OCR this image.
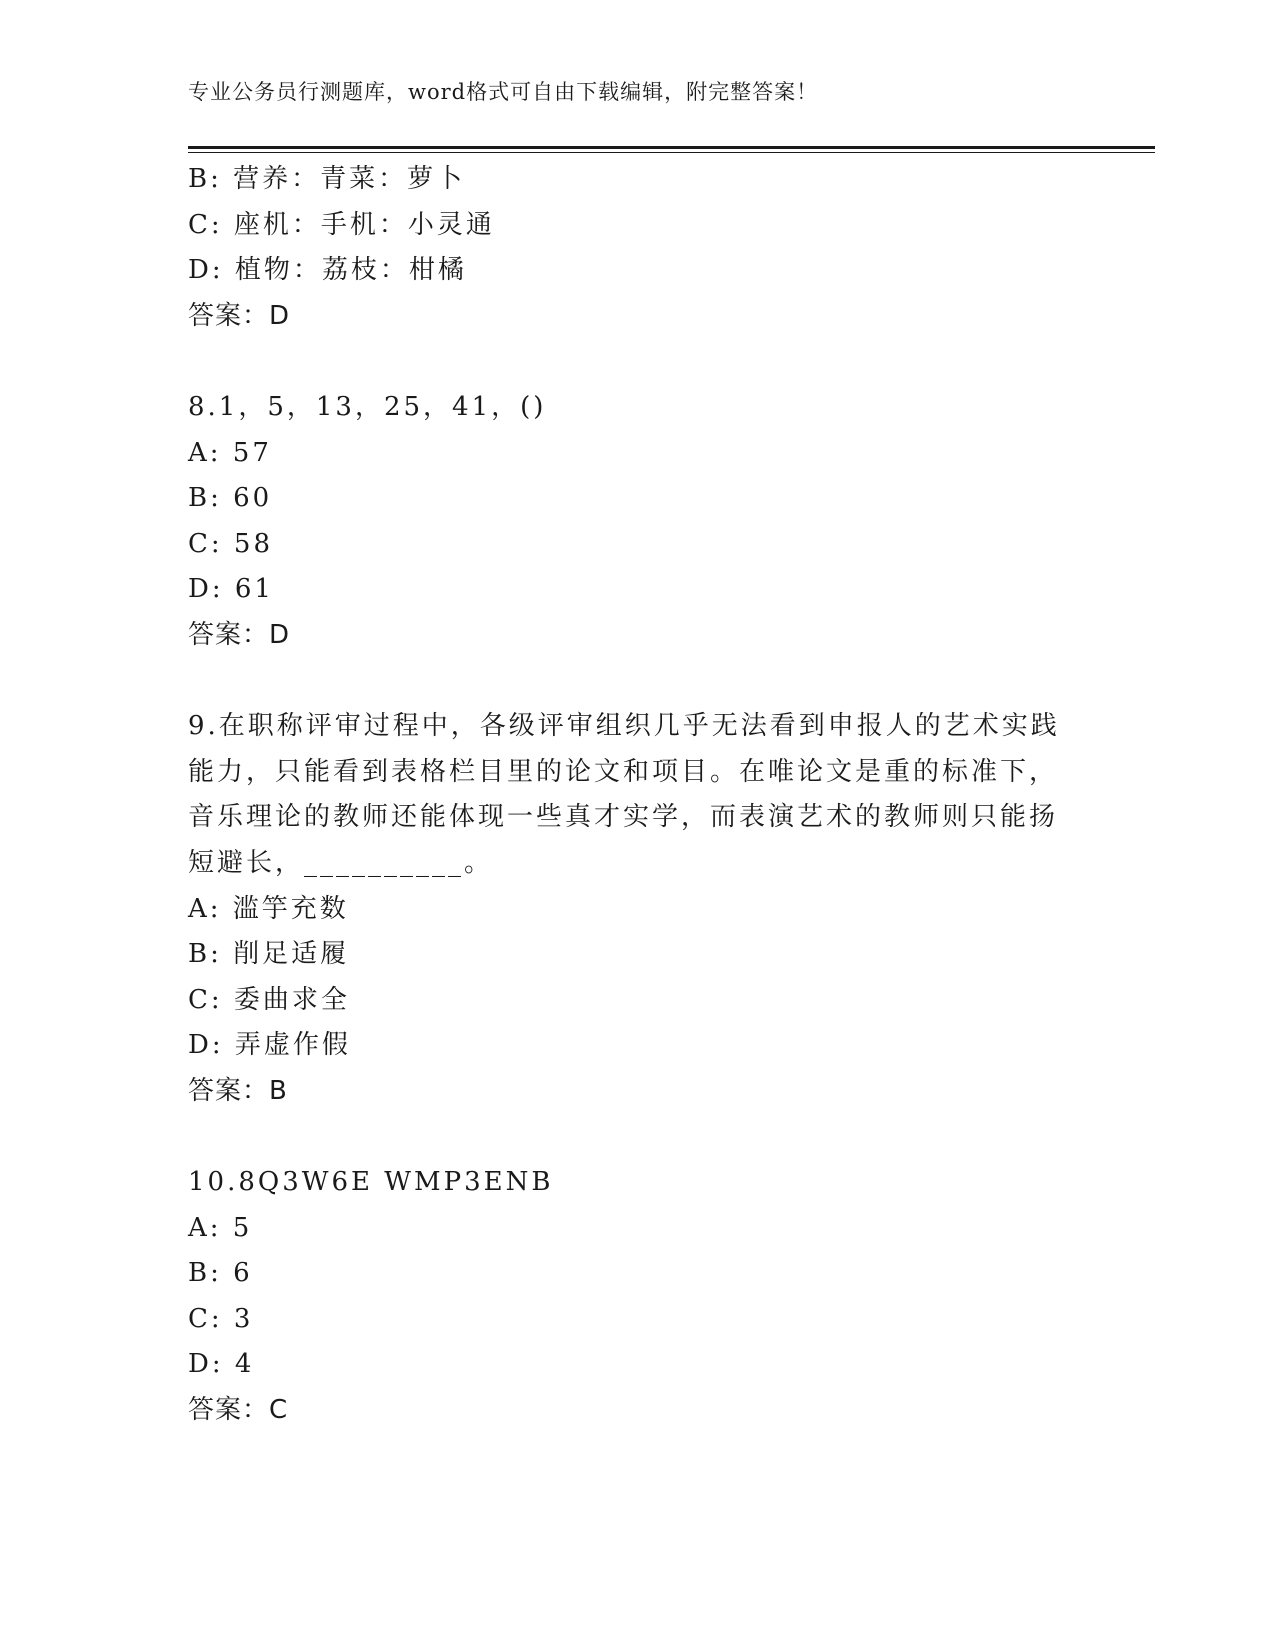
专业公务员行测题库，word格式可自由下载编辑，附完整答案！
B: 营养：青菜：萝卜
C: 座机：手机：小灵通
D: 植物：荔枝：柑橘
答案：D
8.1，5，13，25，41，()
A: 57
B: 60
C: 58
D: 61
答案：D
9.在职称评审过程中，各级评审组织几乎无法看到申报人的艺术实践
能力，只能看到表格栏目里的论文和项目。在唯论文是重的标准下，
音乐理论的教师还能体现一些真才实学，而表演艺术的教师则只能扬
短避长，__________。
A: 滥竽充数
B: 削足适履
C: 委曲求全
D: 弄虚作假
答案：B
10.8Q3W6E WMP3ENB
A: 5
B: 6
C: 3
D: 4
答案：C
